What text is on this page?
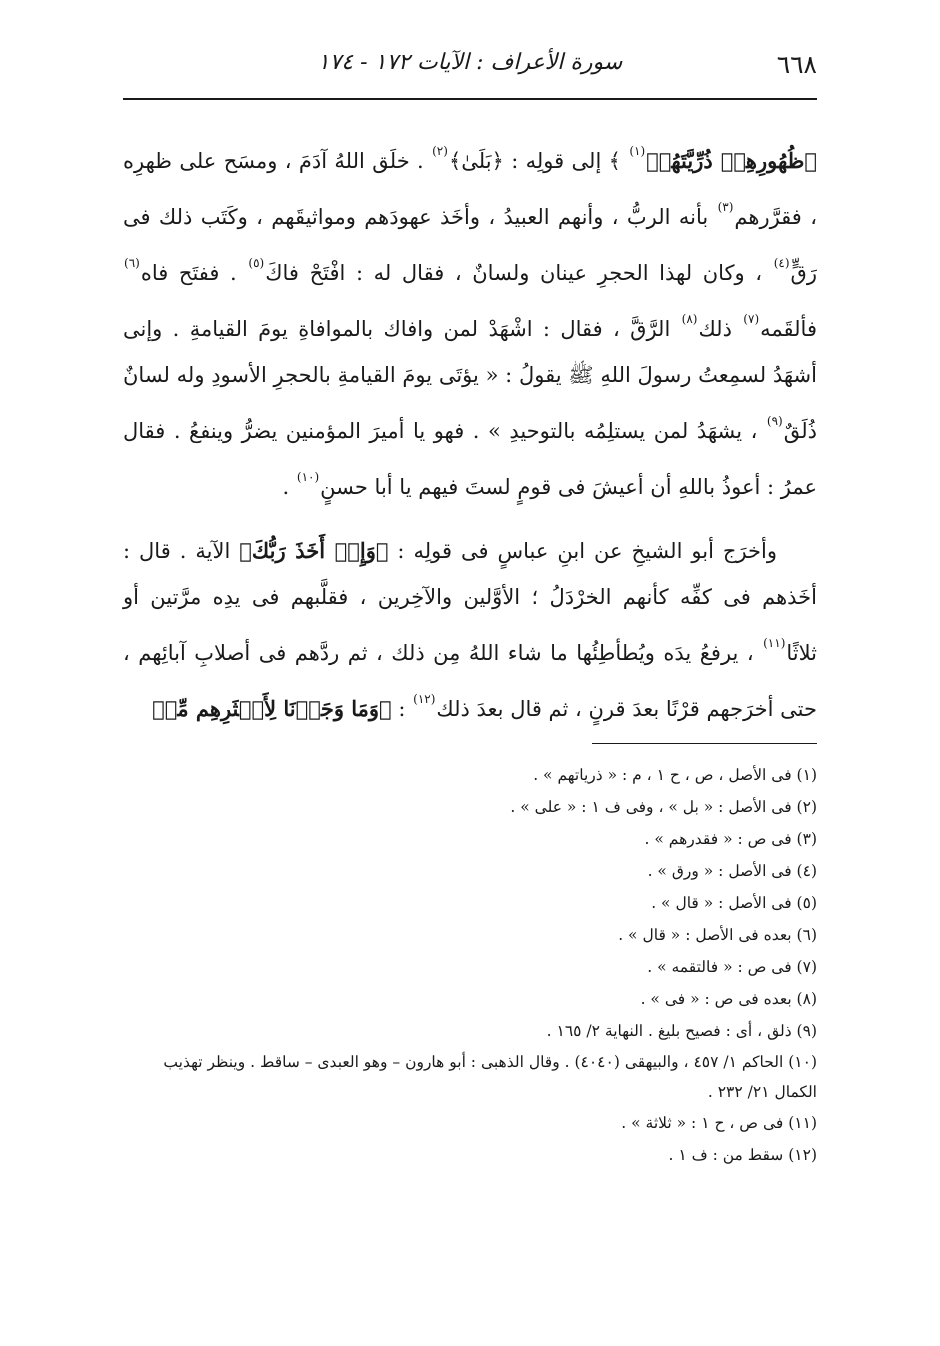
٦٦٨
سورة الأعراف : الآيات ١٧٢ - ١٧٤

﴿ظُهُورِهِمۡ ذُرِّيَّتَهُمۡ$^{(١)}$ ﴾ إلى قولِه : ﴿بَلَىٰ﴾$^{(٢)}$ . خلَق اللهُ آدَمَ ، ومسَح على ظهرِه ، فقرَّرهم$^{(٣)}$ بأنه الربُّ ، وأنهم العبيدُ ، وأخَذ عهودَهم ومواثيقَهم ، وكَتَب ذلك فى رَقٍّ$^{(٤)}$ ، وكان لهذا الحجرِ عينان ولسانٌ ، فقال له : افْتَحْ فاكَ$^{(٥)}$ . ففتَح فاه$^{(٦)}$ فألقَمه$^{(٧)}$ ذلك$^{(٨)}$ الرَّقَّ ، فقال : اشْهَدْ لمن وافاك بالموافاةِ يومَ القيامةِ . وإنى أشهَدُ لسمِعتُ رسولَ اللهِ ﷺ يقولُ : « يؤتَى يومَ القيامةِ بالحجرِ الأسودِ وله لسانٌ ذُلَقٌ$^{(٩)}$ ، يشهَدُ لمن يستلِمُه بالتوحيدِ » . فهو يا أميرَ المؤمنين يضرُّ وينفعُ . فقال عمرُ : أعوذُ باللهِ أن أعيشَ فى قومٍ لستَ فيهم يا أبا حسنٍ$^{(١٠)}$ .

وأخرَج أبو الشيخِ عن ابنِ عباسٍ فى قولِه : ﴿وَإِذۡ أَخَذَ رَبُّكَ﴾ الآية . قال : أخَذهم فى كفِّه كأنهم الخرْدَلُ ؛ الأوَّلين والآخِرين ، فقلَّبهم فى يدِه مرَّتين أو ثلاثًا$^{(١١)}$ ، يرفعُ يدَه ويُطأطِئُها ما شاء اللهُ مِن ذلك ، ثم ردَّهم فى أصلابِ آبائِهم ، حتى أخرَجهم قرْنًا بعدَ قرنٍ ، ثم قال بعدَ ذلك$^{(١٢)}$ : ﴿وَمَا وَجَدۡنَا لِأَكۡثَرِهِم مِّنۡ

(١) فى الأصل ، ص ، ح ١ ، م : « ذرياتهم » .
(٢) فى الأصل : « بل » ، وفى ف ١ : « على » .
(٣) فى ص : « فقدرهم » .
(٤) فى الأصل : « ورق » .
(٥) فى الأصل : « قال » .
(٦) بعده فى الأصل : « قال » .
(٧) فى ص : « فالتقمه » .
(٨) بعده فى ص : « فى » .
(٩) ذلق ، أى : فصيح بليغ . النهاية ٢/ ١٦٥ .
(١٠) الحاكم ١/ ٤٥٧ ، والبيهقى (٤٠٤٠) . وقال الذهبى : أبو هارون – وهو العبدى – ساقط . وينظر تهذيب الكمال ٢١/ ٢٣٢ .
(١١) فى ص ، ح ١ : « ثلاثة » .
(١٢) سقط من : ف ١ .
